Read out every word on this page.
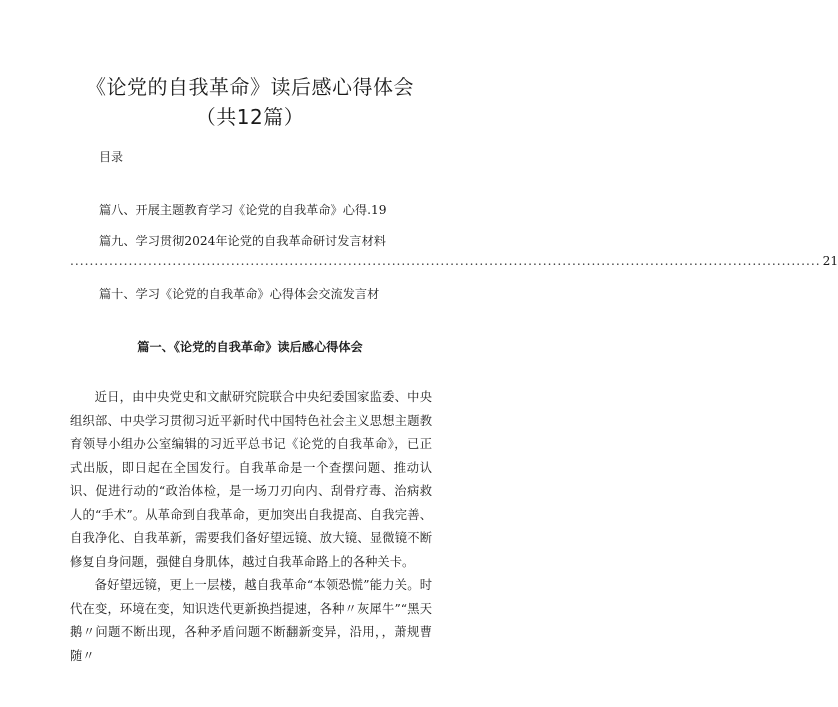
《论党的自我革命》读后感心得体会（共12篇）
目录
篇八、开展主题教育学习《论党的自我革命》心得.19
篇九、学习贯彻2024年论党的自我革命研讨发言材料
.......................................................................................................................................................... 21
篇十、学习《论党的自我革命》心得体会交流发言材
篇一、《论党的自我革命》读后感心得体会

近日，由中央党史和文献研究院联合中央纪委国家监委、中央组织部、中央学习贯彻习近平新时代中国特色社会主义思想主题教育领导小组办公室编辑的习近平总书记《论党的自我革命》，已正式出版，即日起在全国发行。自我革命是一个查摆问题、推动认识、促进行动的“政治体检，是一场刀刃向内、刮骨疗毒、治病救人的“手术”。从革命到自我革命，更加突出自我提高、自我完善、自我净化、自我革新，需要我们备好望远镜、放大镜、显微镜不断修复自身问题，强健自身肌体，越过自我革命路上的各种关卡。

备好望远镜，更上一层楼，越自我革命“本领恐慌”能力关。时代在变，环境在变，知识迭代更新换挡提速，各种〃灰犀牛”“黑天鹅〃问题不断出现，各种矛盾问题不断翻新变异，沿用，，萧规曹随〃
